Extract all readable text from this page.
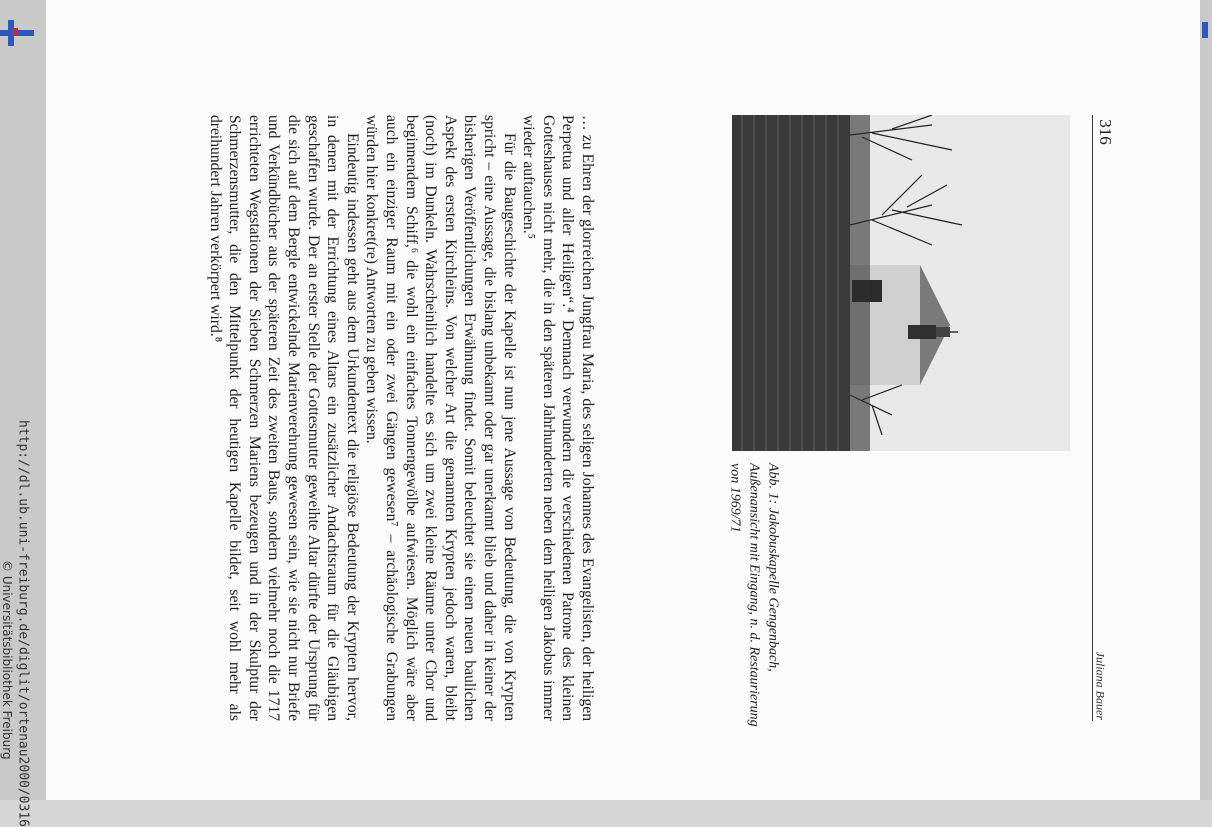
316
Juliana Bauer
Abb. 1: Jakobuskapelle Gengenbach, Außenansicht mit Eingang, n. d. Restaurierung von 1969/71

… zu Ehren der glorreichen Jungfrau Maria, des seligen Johannes des Evangelisten, der heiligen Perpetua und aller Heiligen“.⁴ Demnach verwundern die verschiedenen Patrone des kleinen Gotteshauses nicht mehr, die in den späteren Jahrhunderten neben dem heiligen Jakobus immer wieder auftauchen.⁵

Für die Baugeschichte der Kapelle ist nun jene Aussage von Bedeutung, die von Krypten spricht – eine Aussage, die bislang unbekannt oder gar unerkannt blieb und daher in keiner der bisherigen Veröffentlichungen Erwähnung findet. Somit beleuchtet sie einen neuen baulichen Aspekt des ersten Kirchleins. Von welcher Art die genannten Krypten jedoch waren, bleibt (noch) im Dunkeln. Wahrscheinlich handelte es sich um zwei kleine Räume unter Chor und beginnendem Schiff,⁶ die wohl ein einfaches Tonnengewölbe aufwiesen. Möglich wäre aber auch ein einziger Raum mit ein oder zwei Gängen gewesen⁷ – archäologische Grabungen würden hier konkret(re) Antworten zu geben wissen.

Eindeutig indessen geht aus dem Urkundentext die religiöse Bedeutung der Krypten hervor, in denen mit der Errichtung eines Altars ein zusätzlicher Andachtsraum für die Gläubigen geschaffen wurde. Der an erster Stelle der Gottesmutter geweihte Altar dürfte der Ursprung für die sich auf dem Bergle entwickelnde Marienverehrung gewesen sein, wie sie nicht nur Briefe und Verkündbücher aus der späteren Zeit des zweiten Baus, sondern vielmehr noch die 1717 errichteten Wegstationen der Sieben Schmerzen Mariens bezeugen und in der Skulptur der Schmerzensmutter, die den Mittelpunkt der heutigen Kapelle bildet, seit wohl mehr als dreihundert Jahren verkörpert wird.⁸

http://dl.ub.uni-freiburg.de/diglit/ortenau2000/0316
© Universitätsbibliothek Freiburg
